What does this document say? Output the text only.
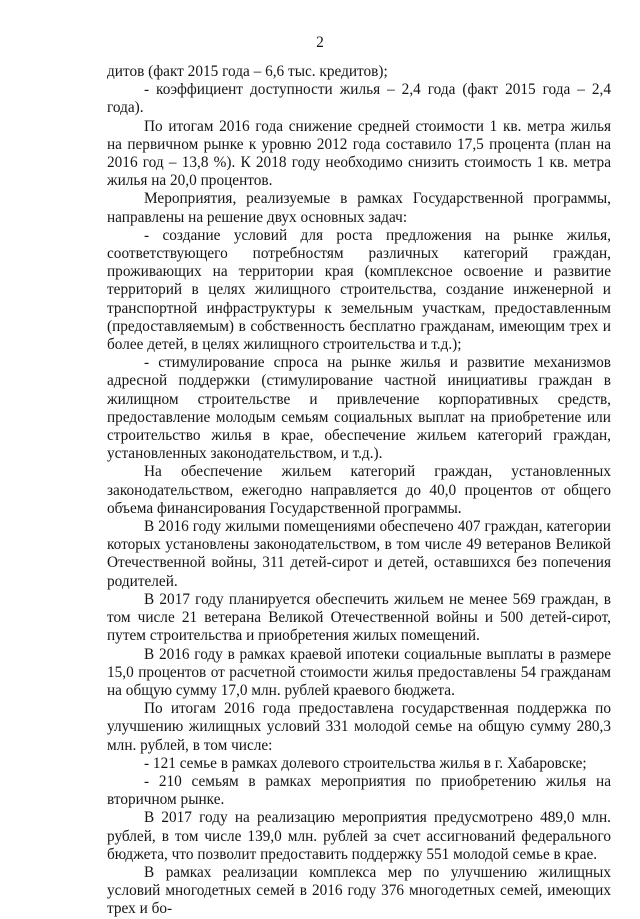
2

дитов (факт 2015 года – 6,6 тыс. кредитов);

- коэффициент доступности жилья – 2,4 года (факт 2015 года – 2,4 года).

По итогам 2016 года снижение средней стоимости 1 кв. метра жилья на первичном рынке к уровню 2012 года составило 17,5 процента (план на 2016 год – 13,8 %). К 2018 году необходимо снизить стоимость 1 кв. метра жилья на 20,0 процентов.

Мероприятия, реализуемые в рамках Государственной программы, направлены на решение двух основных задач:

- создание условий для роста предложения на рынке жилья, соответствующего потребностям различных категорий граждан, проживающих на территории края (комплексное освоение и развитие территорий в целях жилищного строительства, создание инженерной и транспортной инфраструктуры к земельным участкам, предоставленным (предоставляемым) в собственность бесплатно гражданам, имеющим трех и более детей, в целях жилищного строительства и т.д.);

- стимулирование спроса на рынке жилья и развитие механизмов адресной поддержки (стимулирование частной инициативы граждан в жилищном строительстве и привлечение корпоративных средств, предоставление молодым семьям социальных выплат на приобретение или строительство жилья в крае, обеспечение жильем категорий граждан, установленных законодательством, и т.д.).

На обеспечение жильем категорий граждан, установленных законодательством, ежегодно направляется до 40,0 процентов от общего объема финансирования Государственной программы.

В 2016 году жилыми помещениями обеспечено 407 граждан, категории которых установлены законодательством, в том числе 49 ветеранов Великой Отечественной войны, 311 детей-сирот и детей, оставшихся без попечения родителей.

В 2017 году планируется обеспечить жильем не менее 569 граждан, в том числе 21 ветерана Великой Отечественной войны и 500 детей-сирот, путем строительства и приобретения жилых помещений.

В 2016 году в рамках краевой ипотеки социальные выплаты в размере 15,0 процентов от расчетной стоимости жилья предоставлены 54 гражданам на общую сумму 17,0 млн. рублей краевого бюджета.

По итогам 2016 года предоставлена государственная поддержка по улучшению жилищных условий 331 молодой семье на общую сумму 280,3 млн. рублей, в том числе:

- 121 семье в рамках долевого строительства жилья в г. Хабаровске;

- 210 семьям в рамках мероприятия по приобретению жилья на вторичном рынке.

В 2017 году на реализацию мероприятия предусмотрено 489,0 млн. рублей, в том числе 139,0 млн. рублей за счет ассигнований федерального бюджета, что позволит предоставить поддержку 551 молодой семье в крае.

В рамках реализации комплекса мер по улучшению жилищных условий многодетных семей в 2016 году 376 многодетных семей, имеющих трех и бо-
